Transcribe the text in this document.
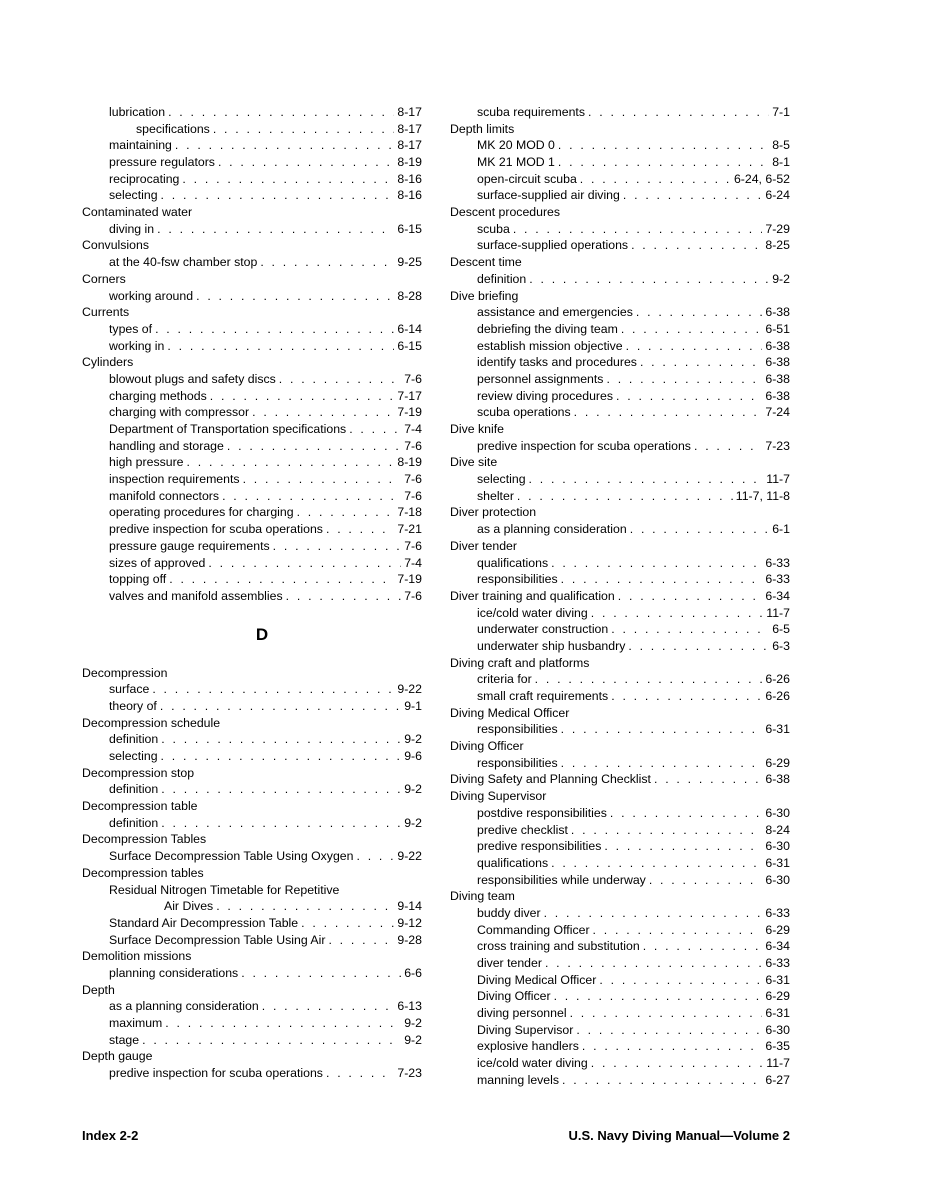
lubrication . . .	8-17
specifications . . .	8-17
maintaining . . .	8-17
pressure regulators . . .	8-19
reciprocating . . .	8-16
selecting . . .	8-16
Contaminated water
diving in . . .	6-15
Convulsions
at the 40-fsw chamber stop . . .	9-25
Corners
working around . . .	8-28
Currents
types of . . .	6-14
working in . . .	6-15
Cylinders
blowout plugs and safety discs . . .	7-6
charging methods . . .	7-17
charging with compressor . . .	7-19
Department of Transportation specifications . . .	7-4
handling and storage . . .	7-6
high pressure . . .	8-19
inspection requirements . . .	7-6
manifold connectors . . .	7-6
operating procedures for charging . . .	7-18
predive inspection for scuba operations . . .	7-21
pressure gauge requirements . . .	7-6
sizes of approved . . .	7-4
topping off . . .	7-19
valves and manifold assemblies . . .	7-6
D
Decompression
surface . . .	9-22
theory of . . .	9-1
Decompression schedule
definition . . .	9-2
selecting . . .	9-6
Decompression stop
definition . . .	9-2
Decompression table
definition . . .	9-2
Decompression Tables
Surface Decompression Table Using Oxygen . . .	9-22
Decompression tables
Residual Nitrogen Timetable for Repetitive
Air Dives . . .	9-14
Standard Air Decompression Table . . .	9-12
Surface Decompression Table Using Air . . .	9-28
Demolition missions
planning considerations . . .	6-6
Depth
as a planning consideration . . .	6-13
maximum . . .	9-2
stage . . .	9-2
Depth gauge
predive inspection for scuba operations . . .	7-23
scuba requirements . . .	7-1
Depth limits
MK 20 MOD 0 . . .	8-5
MK 21 MOD 1 . . .	8-1
open-circuit scuba . . .	6-24, 6-52
surface-supplied air diving . . .	6-24
Descent procedures
scuba . . .	7-29
surface-supplied operations . . .	8-25
Descent time
definition . . .	9-2
Dive briefing
assistance and emergencies . . .	6-38
debriefing the diving team . . .	6-51
establish mission objective . . .	6-38
identify tasks and procedures . . .	6-38
personnel assignments . . .	6-38
review diving procedures . . .	6-38
scuba operations . . .	7-24
Dive knife
predive inspection for scuba operations . . .	7-23
Dive site
selecting . . .	11-7
shelter . . .	11-7, 11-8
Diver protection
as a planning consideration . . .	6-1
Diver tender
qualifications . . .	6-33
responsibilities . . .	6-33
Diver training and qualification . . .	6-34
ice/cold water diving . . .	11-7
underwater construction . . .	6-5
underwater ship husbandry . . .	6-3
Diving craft and platforms
criteria for . . .	6-26
small craft requirements . . .	6-26
Diving Medical Officer
responsibilities . . .	6-31
Diving Officer
responsibilities . . .	6-29
Diving Safety and Planning Checklist . . .	6-38
Diving Supervisor
postdive responsibilities . . .	6-30
predive checklist . . .	8-24
predive responsibilities . . .	6-30
qualifications . . .	6-31
responsibilities while underway . . .	6-30
Diving team
buddy diver . . .	6-33
Commanding Officer . . .	6-29
cross training and substitution . . .	6-34
diver tender . . .	6-33
Diving Medical Officer . . .	6-31
Diving Officer . . .	6-29
diving personnel . . .	6-31
Diving Supervisor . . .	6-30
explosive handlers . . .	6-35
ice/cold water diving . . .	11-7
manning levels . . .	6-27
Index 2-2	U.S. Navy Diving Manual—Volume 2
